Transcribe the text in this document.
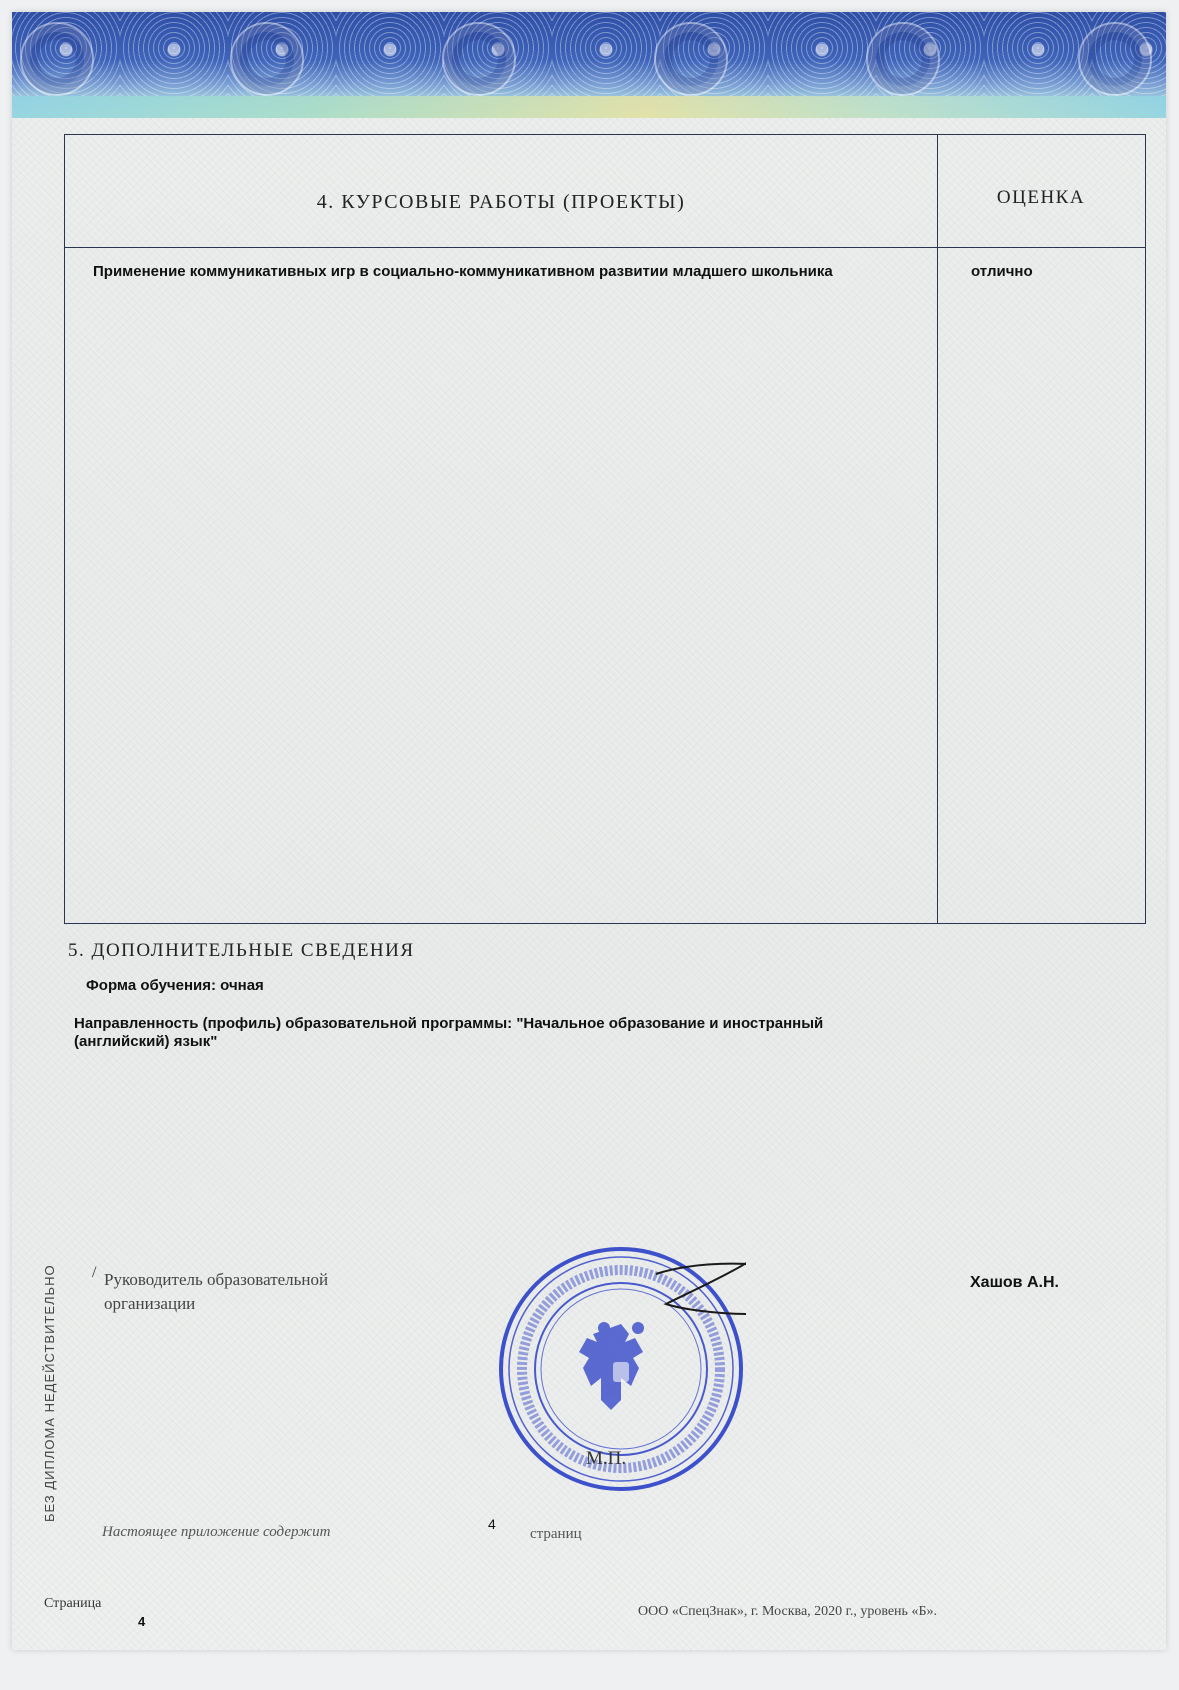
4. КУРСОВЫЕ РАБОТЫ (ПРОЕКТЫ)	ОЦЕНКА
Применение коммуникативных игр в социально-коммуникативном развитии младшего школьника	отлично
5. ДОПОЛНИТЕЛЬНЫЕ СВЕДЕНИЯ
Форма обучения: очная
Направленность (профиль) образовательной программы: "Начальное образование и иностранный (английский) язык"
БЕЗ ДИПЛОМА НЕДЕЙСТВИТЕЛЬНО	/ Руководитель образовательной организации
Хашов А.Н.
М.П.
Настоящее приложение содержит	4
страниц
Страница
4
ООО «СпецЗнак», г. Москва, 2020 г., уровень «Б».
